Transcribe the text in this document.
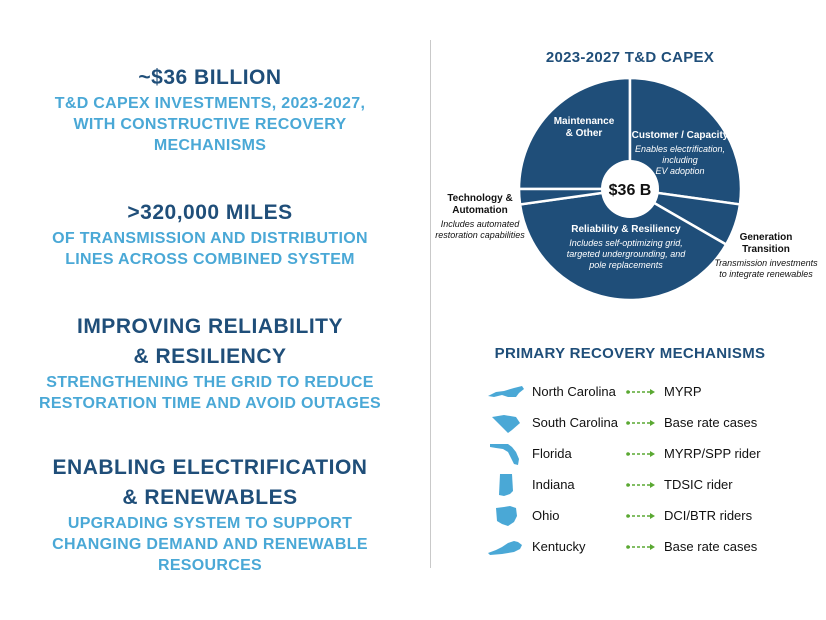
~$36 BILLION
T&D CAPEX INVESTMENTS, 2023-2027,
WITH CONSTRUCTIVE RECOVERY
MECHANISMS
>320,000 MILES
OF TRANSMISSION AND DISTRIBUTION
LINES ACROSS COMBINED SYSTEM
IMPROVING RELIABILITY
& RESILIENCY
STRENGTHENING THE GRID TO REDUCE
RESTORATION TIME AND AVOID OUTAGES
ENABLING ELECTRIFICATION
& RENEWABLES
UPGRADING SYSTEM TO SUPPORT
CHANGING DEMAND AND RENEWABLE
RESOURCES
2023-2027 T&D CAPEX
$36 B
Maintenance
& Other	Customer / Capacity
Enables electrification,
including
EV adoption
Generation
Transition
Transmission investments
to integrate renewables
Reliability & Resiliency
Includes self-optimizing grid,
targeted undergrounding, and
pole replacements
Technology &
Automation
Includes automated
restoration capabilities
PRIMARY RECOVERY MECHANISMS
North Carolina	MYRP
South Carolina	Base rate cases
Florida	MYRP/SPP rider
Indiana	TDSIC rider
Ohio	DCI/BTR riders
Kentucky	Base rate cases
